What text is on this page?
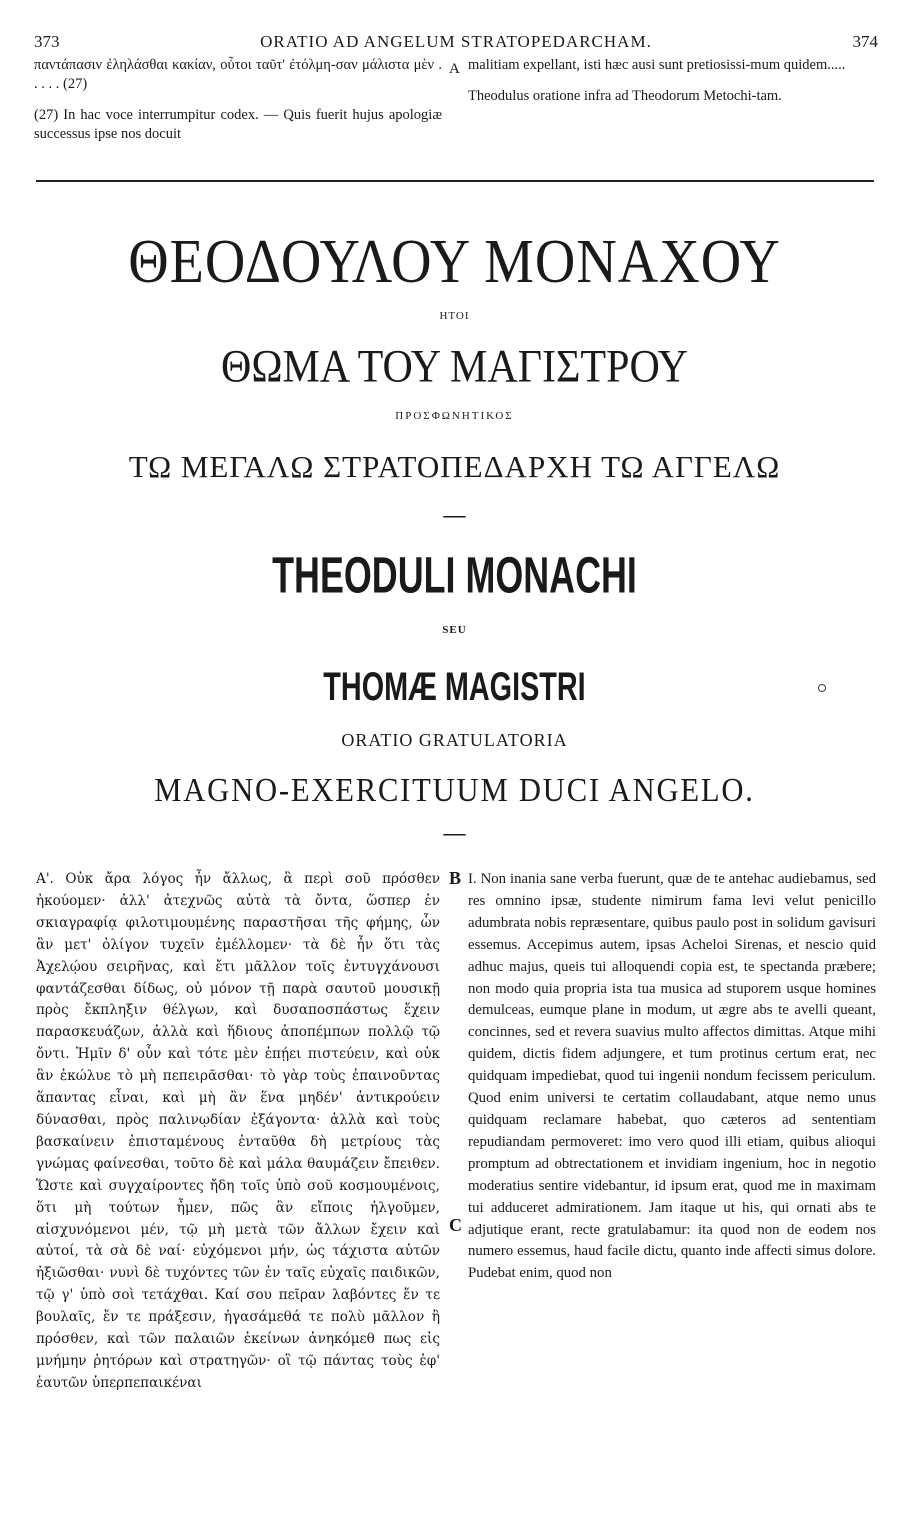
373	ORATIO AD ANGELUM STRATOPEDARCHAM.	374

παντάπασιν ἐληλάσθαι κακίαν, οὗτοι ταῦτ' ἐτόλμη-σαν μάλιστα μὲν . . . . . (27)

(27) In hac voce interrumpitur codex. — Quis fuerit hujus apologiæ successus ipse nos docuit

A malitiam expellant, isti hæc ausi sunt pretiosissi-mum quidem.....

Theodulus oratione infra ad Theodorum Metochi-tam.

ΘΕΟΔΟΥΛΟΥ ΜΟΝΑΧΟΥ
ΗΤΟΙ
ΘΩΜΑ ΤΟΥ ΜΑΓΙΣΤΡΟΥ
ΠΡΟΣΦΩΝΗΤΙΚΟΣ
ΤΩ ΜΕΓΑΛΩ ΣΤΡΑΤΟΠΕΔΑΡΧΗ ΤΩ ΑΓΓΕΛΩ
—
THEODULI MONACHI
SEU
THOMÆ MAGISTRI
ORATIO GRATULATORIA
MAGNO-EXERCITUUM DUCI ANGELO.
—
B
C

Α'. Οὐκ ἄρα λόγος ἦν ἄλλως, ἃ περὶ σοῦ πρόσθεν ἠκούομεν· ἀλλ' ἀτεχνῶς αὐτὰ τὰ ὄντα, ὥσπερ ἐν σκιαγραφίᾳ φιλοτιμουμένης παραστῆσαι τῆς φήμης, ὧν ἂν μετ' ὀλίγον τυχεῖν ἐμέλλομεν· τὰ δὲ ἦν ὅτι τὰς Ἀχελῴου σειρῆνας, καὶ ἔτι μᾶλλον τοῖς ἐντυγχάνουσι φαντάζεσθαι δίδως, οὐ μόνον τῇ παρὰ σαυτοῦ μουσικῇ πρὸς ἔκπληξιν θέλγων, καὶ δυσαποσπάστως ἔχειν παρασκευάζων, ἀλλὰ καὶ ἥδιους ἀποπέμπων πολλῷ τῷ ὄντι. Ἡμῖν δ' οὖν καὶ τότε μὲν ἐπῄει πιστεύειν, καὶ οὐκ ἂν ἐκώλυε τὸ μὴ πεπειρᾶσθαι· τὸ γὰρ τοὺς ἐπαινοῦντας ἅπαντας εἶναι, καὶ μὴ ἂν ἕνα μηδέν' ἀντικρούειν δύνασθαι, πρὸς παλινῳδίαν ἐξάγοντα· ἀλλὰ καὶ τοὺς βασκαίνειν ἐπισταμένους ἐνταῦθα δὴ μετρίους τὰς γνώμας φαίνεσθαι, τοῦτο δὲ καὶ μάλα θαυμάζειν ἔπειθεν. Ὥστε καὶ συγχαίροντες ἤδη τοῖς ὑπὸ σοῦ κοσμουμένοις, ὅτι μὴ τούτων ἦμεν, πῶς ἂν εἴποις ἠλγοῦμεν, αἰσχυνόμενοι μέν, τῷ μὴ μετὰ τῶν ἄλλων ἔχειν καὶ αὐτοί, τὰ σὰ δὲ ναί· εὐχόμενοι μήν, ὡς τάχιστα αὐτῶν ἠξιῶσθαι· νυνὶ δὲ τυχόντες τῶν ἐν ταῖς εὐχαῖς παιδικῶν, τῷ γ' ὑπὸ σοὶ τετάχθαι. Καί σου πεῖραν λαβόντες ἔν τε βουλαῖς, ἔν τε πράξεσιν, ἠγασάμεθά τε πολὺ μᾶλλον ἢ πρόσθεν, καὶ τῶν παλαιῶν ἐκείνων ἀνηκόμεθ πως εἰς μνήμην ῥητόρων καὶ στρατηγῶν· οἳ τῷ πάντας τοὺς ἐφ' ἑαυτῶν ὑπερπεπαικέναι

I. Non inania sane verba fuerunt, quæ de te antehac audiebamus, sed res omnino ipsæ, studente nimirum fama levi velut penicillo adumbrata nobis repræsentare, quibus paulo post in solidum gavisuri essemus. Accepimus autem, ipsas Acheloi Sirenas, et nescio quid adhuc majus, queis tui alloquendi copia est, te spectanda præbere; non modo quia propria ista tua musica ad stuporem usque homines demulceas, eumque plane in modum, ut ægre abs te avelli queant, concinnes, sed et revera suavius multo affectos dimittas. Atque mihi quidem, dictis fidem adjungere, et tum protinus certum erat, nec quidquam impediebat, quod tui ingenii nondum fecissem periculum. Quod enim universi te certatim collaudabant, atque nemo unus quidquam reclamare habebat, quo cæteros ad sententiam repudiandam permoveret: imo vero quod illi etiam, quibus alioqui promptum ad obtrectationem et invidiam ingenium, hoc in negotio moderatius sentire videbantur, id ipsum erat, quod me in maximam tui adduceret admirationem. Jam itaque ut his, qui ornati abs te adjutique erant, recte gratulabamur: ita quod non de eodem nos numero essemus, haud facile dictu, quanto inde affecti simus dolore. Pudebat enim, quod non
